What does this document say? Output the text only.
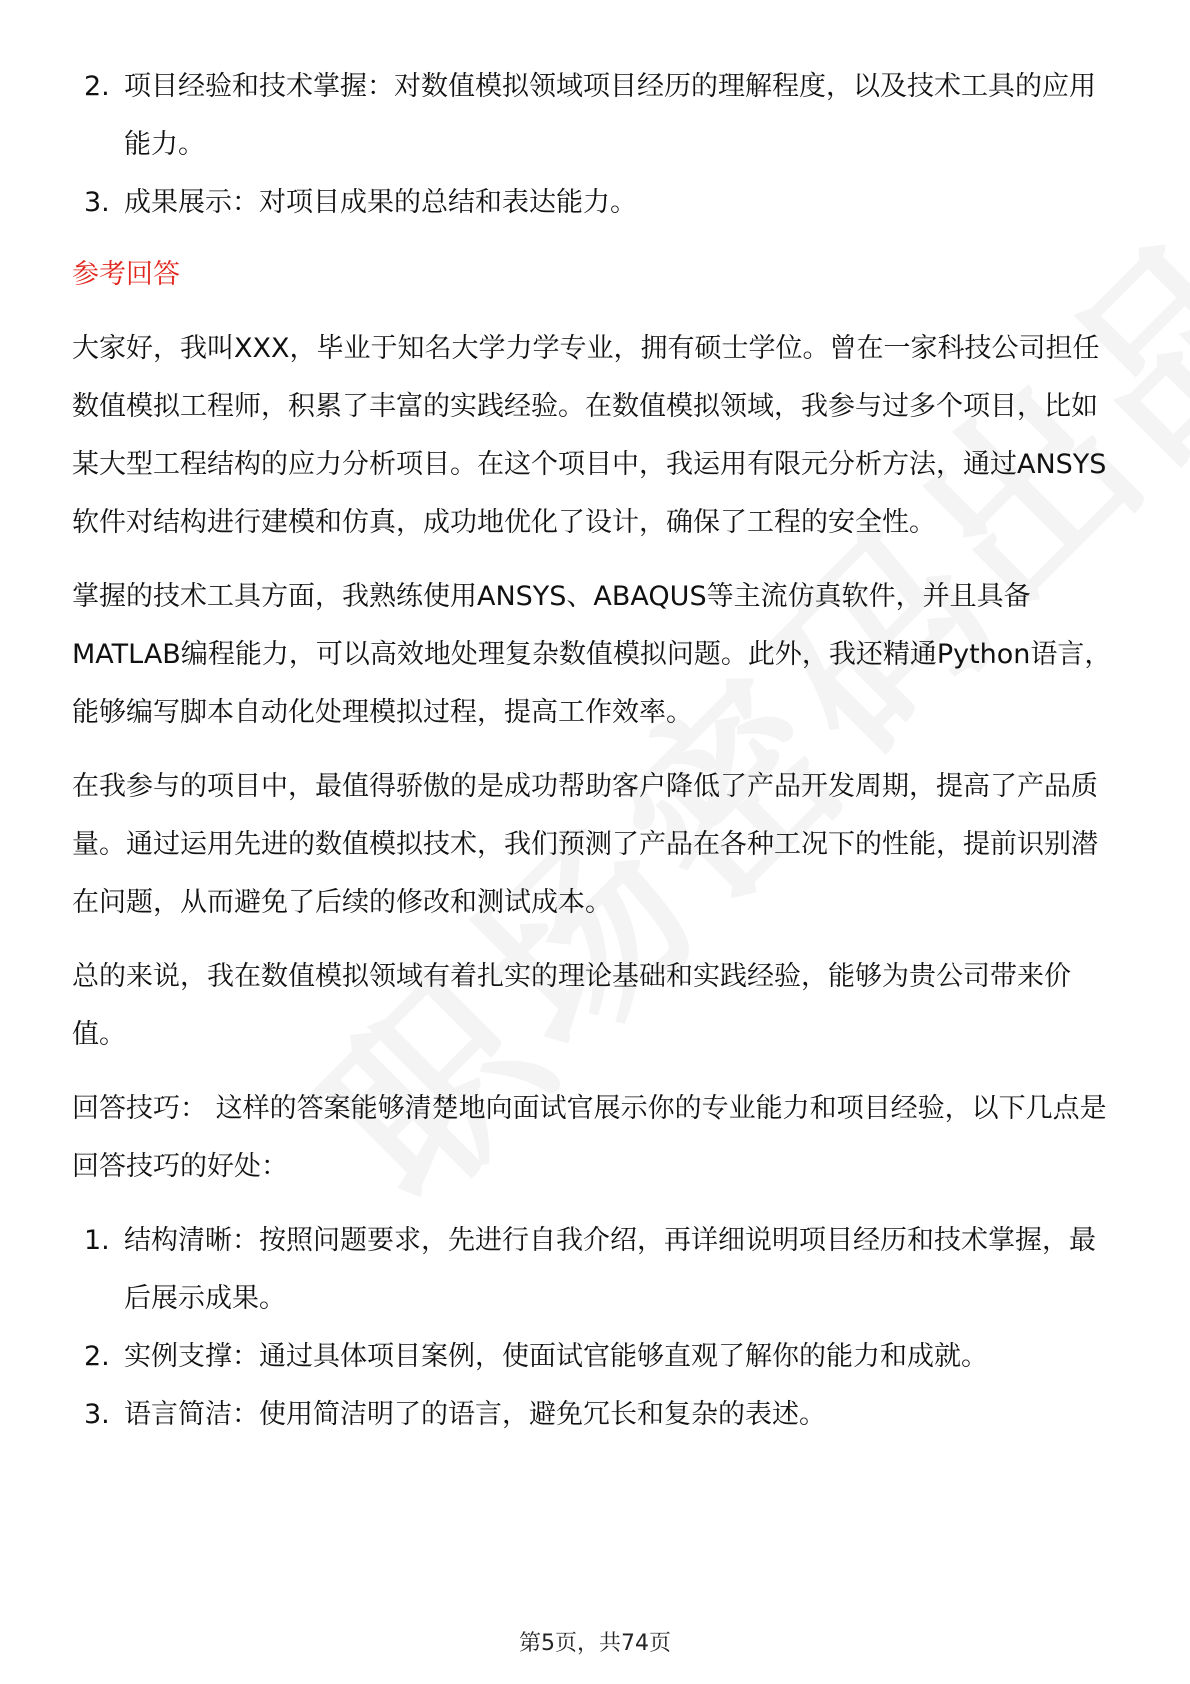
2. 项目经验和技术掌握：对数值模拟领域项目经历的理解程度，以及技术工具的应用能力。
3. 成果展示：对项目成果的总结和表达能力。
参考回答
大家好，我叫XXX，毕业于知名大学力学专业，拥有硕士学位。曾在一家科技公司担任数值模拟工程师，积累了丰富的实践经验。在数值模拟领域，我参与过多个项目，比如某大型工程结构的应力分析项目。在这个项目中，我运用有限元分析方法，通过ANSYS软件对结构进行建模和仿真，成功地优化了设计，确保了工程的安全性。
掌握的技术工具方面，我熟练使用ANSYS、ABAQUS等主流仿真软件，并且具备MATLAB编程能力，可以高效地处理复杂数值模拟问题。此外，我还精通Python语言，能够编写脚本自动化处理模拟过程，提高工作效率。
在我参与的项目中，最值得骄傲的是成功帮助客户降低了产品开发周期，提高了产品质量。通过运用先进的数值模拟技术，我们预测了产品在各种工况下的性能，提前识别潜在问题，从而避免了后续的修改和测试成本。
总的来说，我在数值模拟领域有着扎实的理论基础和实践经验，能够为贵公司带来价值。
回答技巧： 这样的答案能够清楚地向面试官展示你的专业能力和项目经验，以下几点是回答技巧的好处：
1. 结构清晰：按照问题要求，先进行自我介绍，再详细说明项目经历和技术掌握，最后展示成果。
2. 实例支撑：通过具体项目案例，使面试官能够直观了解你的能力和成就。
3. 语言简洁：使用简洁明了的语言，避免冗长和复杂的表述。
第5页，共74页
